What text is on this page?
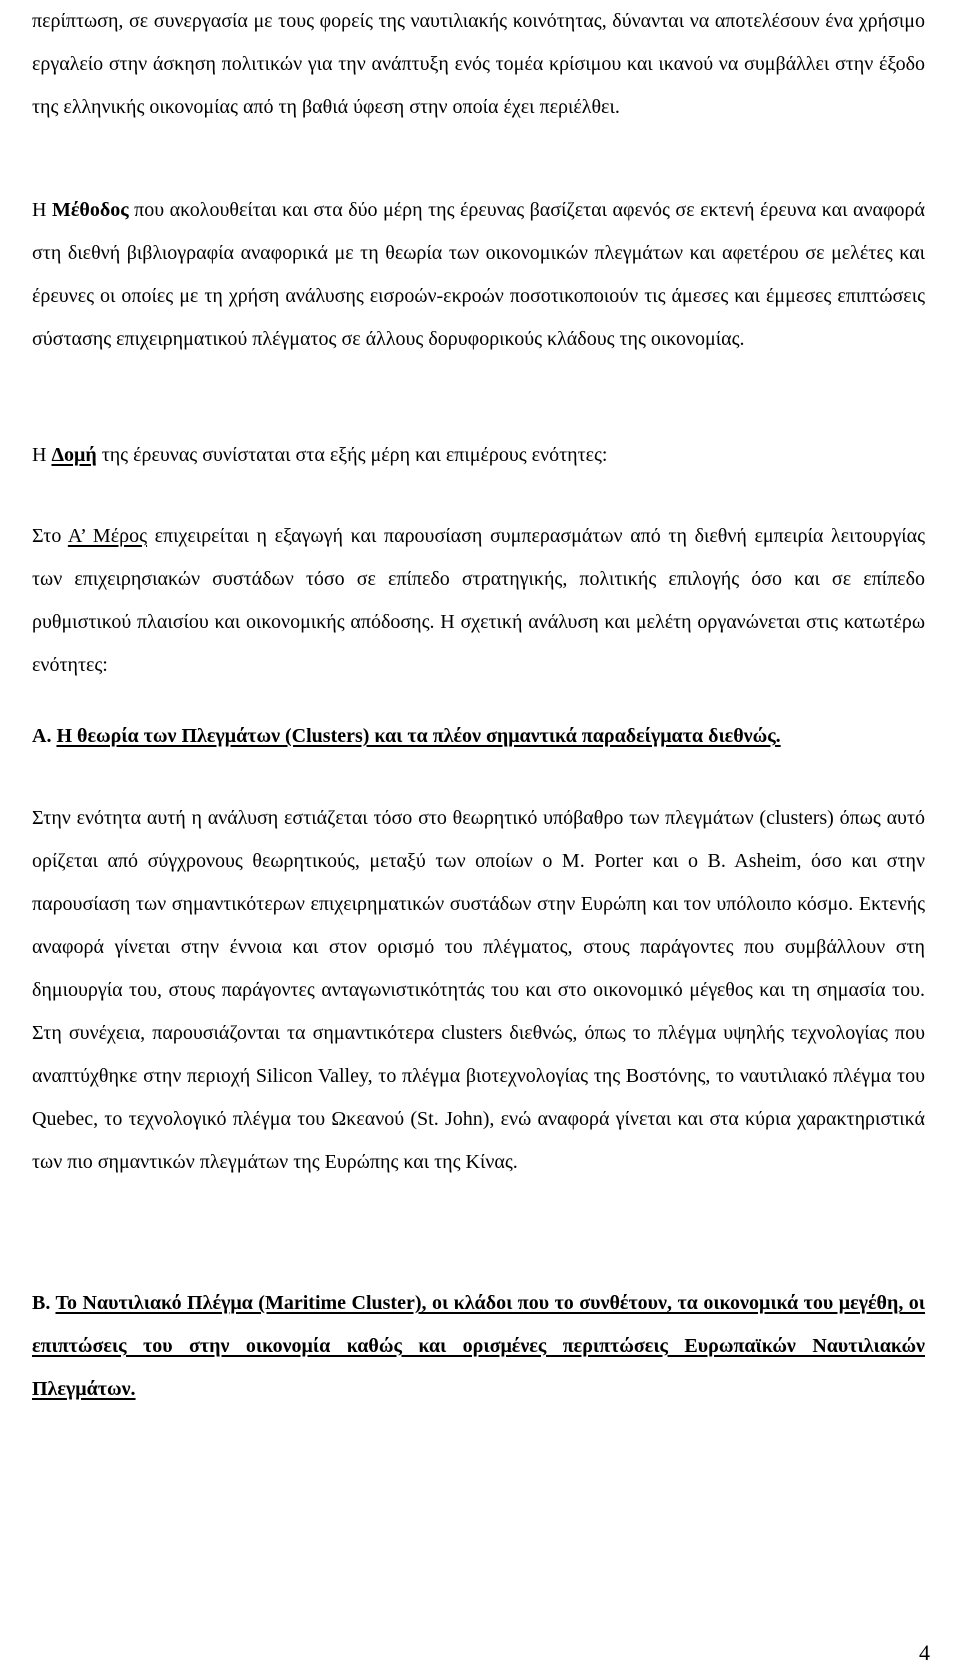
περίπτωση, σε συνεργασία με τους φορείς της ναυτιλιακής κοινότητας, δύνανται να αποτελέσουν ένα χρήσιμο εργαλείο στην άσκηση πολιτικών για την ανάπτυξη ενός τομέα κρίσιμου και ικανού να συμβάλλει στην έξοδο της ελληνικής οικονομίας από τη βαθιά ύφεση στην οποία έχει περιέλθει.

Η Μέθοδος που ακολουθείται και στα δύο μέρη της έρευνας βασίζεται αφενός σε εκτενή έρευνα και αναφορά στη διεθνή βιβλιογραφία αναφορικά με τη θεωρία των οικονομικών πλεγμάτων και αφετέρου σε μελέτες και έρευνες οι οποίες με τη χρήση ανάλυσης εισροών-εκροών ποσοτικοποιούν τις άμεσες και έμμεσες επιπτώσεις σύστασης επιχειρηματικού πλέγματος σε άλλους δορυφορικούς κλάδους της οικονομίας.

Η Δομή της έρευνας συνίσταται στα εξής μέρη και επιμέρους ενότητες:

Στο Α’ Μέρος επιχειρείται η εξαγωγή και παρουσίαση συμπερασμάτων από τη διεθνή εμπειρία λειτουργίας των επιχειρησιακών συστάδων τόσο σε επίπεδο στρατηγικής, πολιτικής επιλογής όσο και σε επίπεδο ρυθμιστικού πλαισίου και οικονομικής απόδοσης. Η σχετική ανάλυση και μελέτη οργανώνεται στις κατωτέρω ενότητες:

Α. Η θεωρία των Πλεγμάτων (Clusters) και τα πλέον σημαντικά παραδείγματα διεθνώς.

Στην ενότητα αυτή η ανάλυση εστιάζεται τόσο στο θεωρητικό υπόβαθρο των πλεγμάτων (clusters) όπως αυτό ορίζεται από σύγχρονους θεωρητικούς, μεταξύ των οποίων ο M. Porter και ο B. Asheim, όσο και στην παρουσίαση των σημαντικότερων επιχειρηματικών συστάδων στην Ευρώπη και τον υπόλοιπο κόσμο. Εκτενής αναφορά γίνεται στην έννοια και στον ορισμό του πλέγματος, στους παράγοντες που συμβάλλουν στη δημιουργία του, στους παράγοντες ανταγωνιστικότητάς του και στο οικονομικό μέγεθος και τη σημασία του. Στη συνέχεια, παρουσιάζονται τα σημαντικότερα clusters διεθνώς, όπως το πλέγμα υψηλής τεχνολογίας που αναπτύχθηκε στην περιοχή Silicon Valley, το πλέγμα βιοτεχνολογίας της Βοστόνης, το ναυτιλιακό πλέγμα του Quebec, το τεχνολογικό πλέγμα του Ωκεανού (St. John), ενώ αναφορά γίνεται και στα κύρια χαρακτηριστικά των πιο σημαντικών πλεγμάτων της Ευρώπης και της Κίνας.

Β. Το Ναυτιλιακό Πλέγμα (Maritime Cluster), οι κλάδοι που το συνθέτουν, τα οικονομικά του μεγέθη, οι επιπτώσεις του στην οικονομία καθώς και ορισμένες περιπτώσεις Ευρωπαϊκών Ναυτιλιακών Πλεγμάτων.

4
